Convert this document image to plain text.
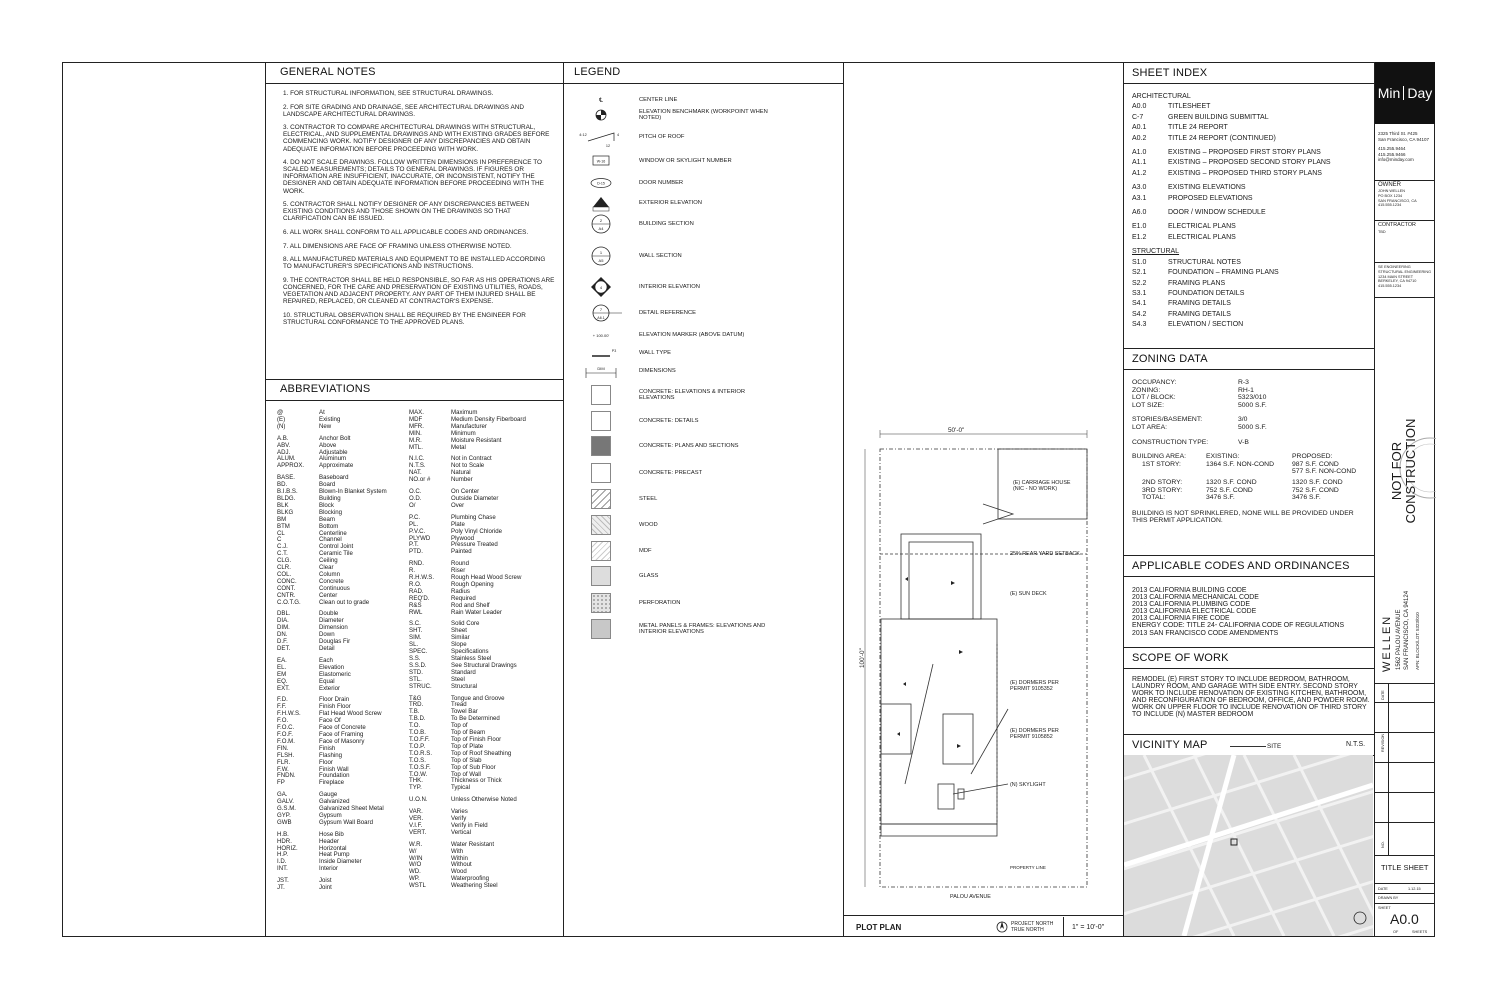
GENERAL NOTES

1. FOR STRUCTURAL INFORMATION, SEE STRUCTURAL DRAWINGS.

2. FOR SITE GRADING AND DRAINAGE, SEE ARCHITECTURAL DRAWINGS AND LANDSCAPE ARCHITECTURAL DRAWINGS.

3. CONTRACTOR TO COMPARE ARCHITECTURAL DRAWINGS WITH STRUCTURAL, ELECTRICAL, AND SUPPLEMENTAL DRAWINGS AND WITH EXISTING GRADES BEFORE COMMENCING WORK. NOTIFY DESIGNER OF ANY DISCREPANCIES AND OBTAIN ADEQUATE INFORMATION BEFORE PROCEEDING WITH WORK.

4. DO NOT SCALE DRAWINGS. FOLLOW WRITTEN DIMENSIONS IN PREFERENCE TO SCALED MEASUREMENTS; DETAILS TO GENERAL DRAWINGS. IF FIGURES OR INFORMATION ARE INSUFFICIENT, INACCURATE, OR INCONSISTENT, NOTIFY THE DESIGNER AND OBTAIN ADEQUATE INFORMATION BEFORE PROCEEDING WITH THE WORK.

5. CONTRACTOR SHALL NOTIFY DESIGNER OF ANY DISCREPANCIES BETWEEN EXISTING CONDITIONS AND THOSE SHOWN ON THE DRAWINGS SO THAT CLARIFICATION CAN BE ISSUED.

6. ALL WORK SHALL CONFORM TO ALL APPLICABLE CODES AND ORDINANCES.

7. ALL DIMENSIONS ARE FACE OF FRAMING UNLESS OTHERWISE NOTED.

8. ALL MANUFACTURED MATERIALS AND EQUIPMENT TO BE INSTALLED ACCORDING TO MANUFACTURER'S SPECIFICATIONS AND INSTRUCTIONS.

9. THE CONTRACTOR SHALL BE HELD RESPONSIBLE, SO FAR AS HIS OPERATIONS ARE CONCERNED, FOR THE CARE AND PRESERVATION OF EXISTING UTILITIES, ROADS, VEGETATION AND ADJACENT PROPERTY. ANY PART OF THEM INJURED SHALL BE REPAIRED, REPLACED, OR CLEANED AT CONTRACTOR'S EXPENSE.

10. STRUCTURAL OBSERVATION SHALL BE REQUIRED BY THE ENGINEER FOR STRUCTURAL CONFORMANCE TO THE APPROVED PLANS.

ABBREVIATIONS
@	At
(E)	Existing
(N)	New
A.B.	Anchor Bolt
ABV.	Above
ADJ.	Adjustable
ALUM.	Aluminum
APPROX.	Approximate
BASE.	Baseboard
BD.	Board
B.I.B.S.	Blown-In Blanket System
BLDG.	Building
BLK	Block
BLKG	Blocking
BM	Beam
BTM	Bottom
CL	Centerline
C	Channel
C.J.	Control Joint
C.T.	Ceramic Tile
CLG.	Ceiling
CLR.	Clear
COL.	Column
CONC.	Concrete
CONT.	Continuous
CNTR.	Center
C.O.T.G.	Clean out to grade
DBL.	Double
DIA.	Diameter
DIM.	Dimension
DN.	Down
D.F.	Douglas Fir
DET.	Detail
EA.	Each
EL.	Elevation
EM	Elastomeric
EQ.	Equal
EXT.	Exterior
F.D.	Floor Drain
F.F.	Finish Floor
F.H.W.S.	Flat Head Wood Screw
F.O.	Face Of
F.O.C.	Face of Concrete
F.O.F.	Face of Framing
F.O.M.	Face of Masonry
FIN.	Finish
FLSH.	Flashing
FLR.	Floor
F.W.	Finish Wall
FNDN.	Foundation
FP	Fireplace
GA.	Gauge
GALV.	Galvanized
G.S.M.	Galvanized Sheet Metal
GYP.	Gypsum
GWB	Gypsum Wall Board
H.B.	Hose Bib
HDR.	Header
HORIZ.	Horizontal
H.P.	Heat Pump
I.D.	Inside Diameter
INT.	Interior
JST.	Joist
JT.	Joint
MAX.	Maximum
MDF	Medium Density Fiberboard
MFR.	Manufacturer
MIN.	Minimum
M.R.	Moisture Resistant
MTL.	Metal
N.I.C.	Not in Contract
N.T.S.	Not to Scale
NAT.	Natural
NO.or #	Number
O.C.	On Center
O.D.	Outside Diameter
O/	Over
P.C.	Plumbing Chase
PL.	Plate
P.V.C.	Poly Vinyl Chloride
PLYWD	Plywood
P.T.	Pressure Treated
PTD.	Painted
RND.	Round
R.	Riser
R.H.W.S.	Rough Head Wood Screw
R.O.	Rough Opening
RAD.	Radius
REQ'D.	Required
R&S	Rod and Shelf
RWL	Rain Water Leader
S.C.	Solid Core
SHT.	Sheet
SIM.	Similar
SL.	Slope
SPEC.	Specifications
S.S.	Stainless Steel
S.S.D.	See Structural Drawings
STD.	Standard
STL.	Steel
STRUC.	Structural
T&G	Tongue and Groove
TRD.	Tread
T.B.	Towel Bar
T.B.D.	To Be Determined
T.O.	Top of
T.O.B.	Top of Beam
T.O.F.F.	Top of Finish Floor
T.O.P.	Top of Plate
T.O.R.S.	Top of Roof Sheathing
T.O.S.	Top of Slab
T.O.S.F.	Top of Sub Floor
T.O.W.	Top of Wall
THK.	Thickness or Thick
TYP.	Typical
U.O.N.	Unless Otherwise Noted
VAR.	Varies
VER.	Verify
V.I.F.	Verify in Field
VERT.	Vertical
W.R.	Water Resistant
W/	With
W/IN	Within
W/O	Without
WD.	Wood
WP.	Waterproofing
WSTL	Weathering Steel
LEGEND
℄	CENTER LINE
ELEVATION BENCHMARK (WORKPOINT WHEN NOTED)
4:12	4
12
PITCH OF ROOF
W-16	WINDOW OR SKYLIGHT NUMBER
D-15	DOOR NUMBER
EXTERIOR ELEVATION
2
A4
BUILDING SECTION
1
A5
WALL SECTION
4	INTERIOR ELEVATION
7
A6.1
DETAIL REFERENCE
+ 100.00'	ELEVATION MARKER (ABOVE DATUM)
P3	WALL TYPE
DIM	DIMENSIONS
CONCRETE: ELEVATIONS & INTERIOR ELEVATIONS
CONCRETE: DETAILS
CONCRETE: PLANS AND SECTIONS
CONCRETE: PRECAST
STEEL
WOOD
MDF
GLASS
PERFORATION
METAL PANELS & FRAMES: ELEVATIONS AND INTERIOR ELEVATIONS
50'-0"
100'-0"
(E) CARRIAGE HOUSE (NIC - NO WORK)
25% REAR YARD SETBACK
(E) SUN DECK
(E) DORMERS PER PERMIT 9105352
(E) DORMERS PER PERMIT 9105852
(N) SKYLIGHT
PROPERTY LINE
PALOU AVENUE
PLOT PLAN	PROJECT NORTH TRUE NORTH	1" = 10'-0"
SHEET INDEX
ARCHITECTURAL
A0.0	TITLESHEET
C-7	GREEN BUILDING SUBMITTAL
A0.1	TITLE 24 REPORT
A0.2	TITLE 24 REPORT (CONTINUED)
A1.0	EXISTING – PROPOSED FIRST STORY PLANS
A1.1	EXISTING – PROPOSED SECOND STORY PLANS
A1.2	EXISTING – PROPOSED THIRD STORY PLANS
A3.0	EXISTING ELEVATIONS
A3.1	PROPOSED ELEVATIONS
A6.0	DOOR / WINDOW SCHEDULE
E1.0	ELECTRICAL PLANS
E1.2	ELECTRICAL PLANS
STRUCTURAL
S1.0	STRUCTURAL NOTES
S2.1	FOUNDATION – FRAMING PLANS
S2.2	FRAMING PLANS
S3.1	FOUNDATION DETAILS
S4.1	FRAMING DETAILS
S4.2	FRAMING DETAILS
S4.3	ELEVATION / SECTION
ZONING DATA
OCCUPANCY:	R-3
ZONING:	RH-1
LOT / BLOCK:	5323/010
LOT SIZE:	5000 S.F.
STORIES/BASEMENT:	3/0
LOT AREA:	5000 S.F.
CONSTRUCTION TYPE:	V-B
BUILDING AREA:	EXISTING:	PROPOSED:
1ST STORY:	1364 S.F. NON-COND	987 S.F. COND
577 S.F. NON-COND
2ND STORY:	1320 S.F. COND	1320 S.F. COND
3RD STORY:	752 S.F. COND	752 S.F. COND
TOTAL:	3476 S.F.	3476 S.F.
BUILDING IS NOT SPRINKLERED, NONE WILL BE PROVIDED UNDER THIS PERMIT APPLICATION.
APPLICABLE CODES AND ORDINANCES
2013 CALIFORNIA BUILDING CODE
2013 CALIFORNIA MECHANICAL CODE
2013 CALIFORNIA PLUMBING CODE
2013 CALIFORNIA ELECTRICAL CODE
2013 CALIFORNIA FIRE CODE
ENERGY CODE: TITLE 24- CALIFORNIA CODE OF REGULATIONS
2013 SAN FRANCISCO CODE AMENDMENTS
SCOPE OF WORK
REMODEL (E) FIRST STORY TO INCLUDE BEDROOM, BATHROOM, LAUNDRY ROOM, AND GARAGE WITH SIDE ENTRY. SECOND STORY WORK TO INCLUDE RENOVATION OF EXISTING KITCHEN, BATHROOM, AND RECONFIGURATION OF BEDROOM, OFFICE, AND POWDER ROOM. WORK ON UPPER FLOOR TO INCLUDE RENOVATION OF THIRD STORY TO INCLUDE (N) MASTER BEDROOM
VICINITY MAP	SITE	N.T.S.
Min Day
2325 Third St. #425
San Francisco, CA 94107
415.255.9464
415.255.9466
info@minday.com
OWNER
JOHN WELLEN
PO BOX 1234
SAN FRANCISCO, CA
415.555.1234
CONTRACTOR
TBD
SE ENGINEERING
STRUCTURAL ENGINEERING
1234 MAIN STREET
BERKELEY, CA 94710
415.555.1234
NOT FOR CONSTRUCTION
WELLEN 1562 PALOU AVENUE SAN FRANCISCO, CA 94124 APN: BLOCK/LOT: 5323/010
DATE
REVISION
NO.
TITLE SHEET
DATE	1.12.15
DRAWN BY
SHEET
A0.0
OF	SHEETS
